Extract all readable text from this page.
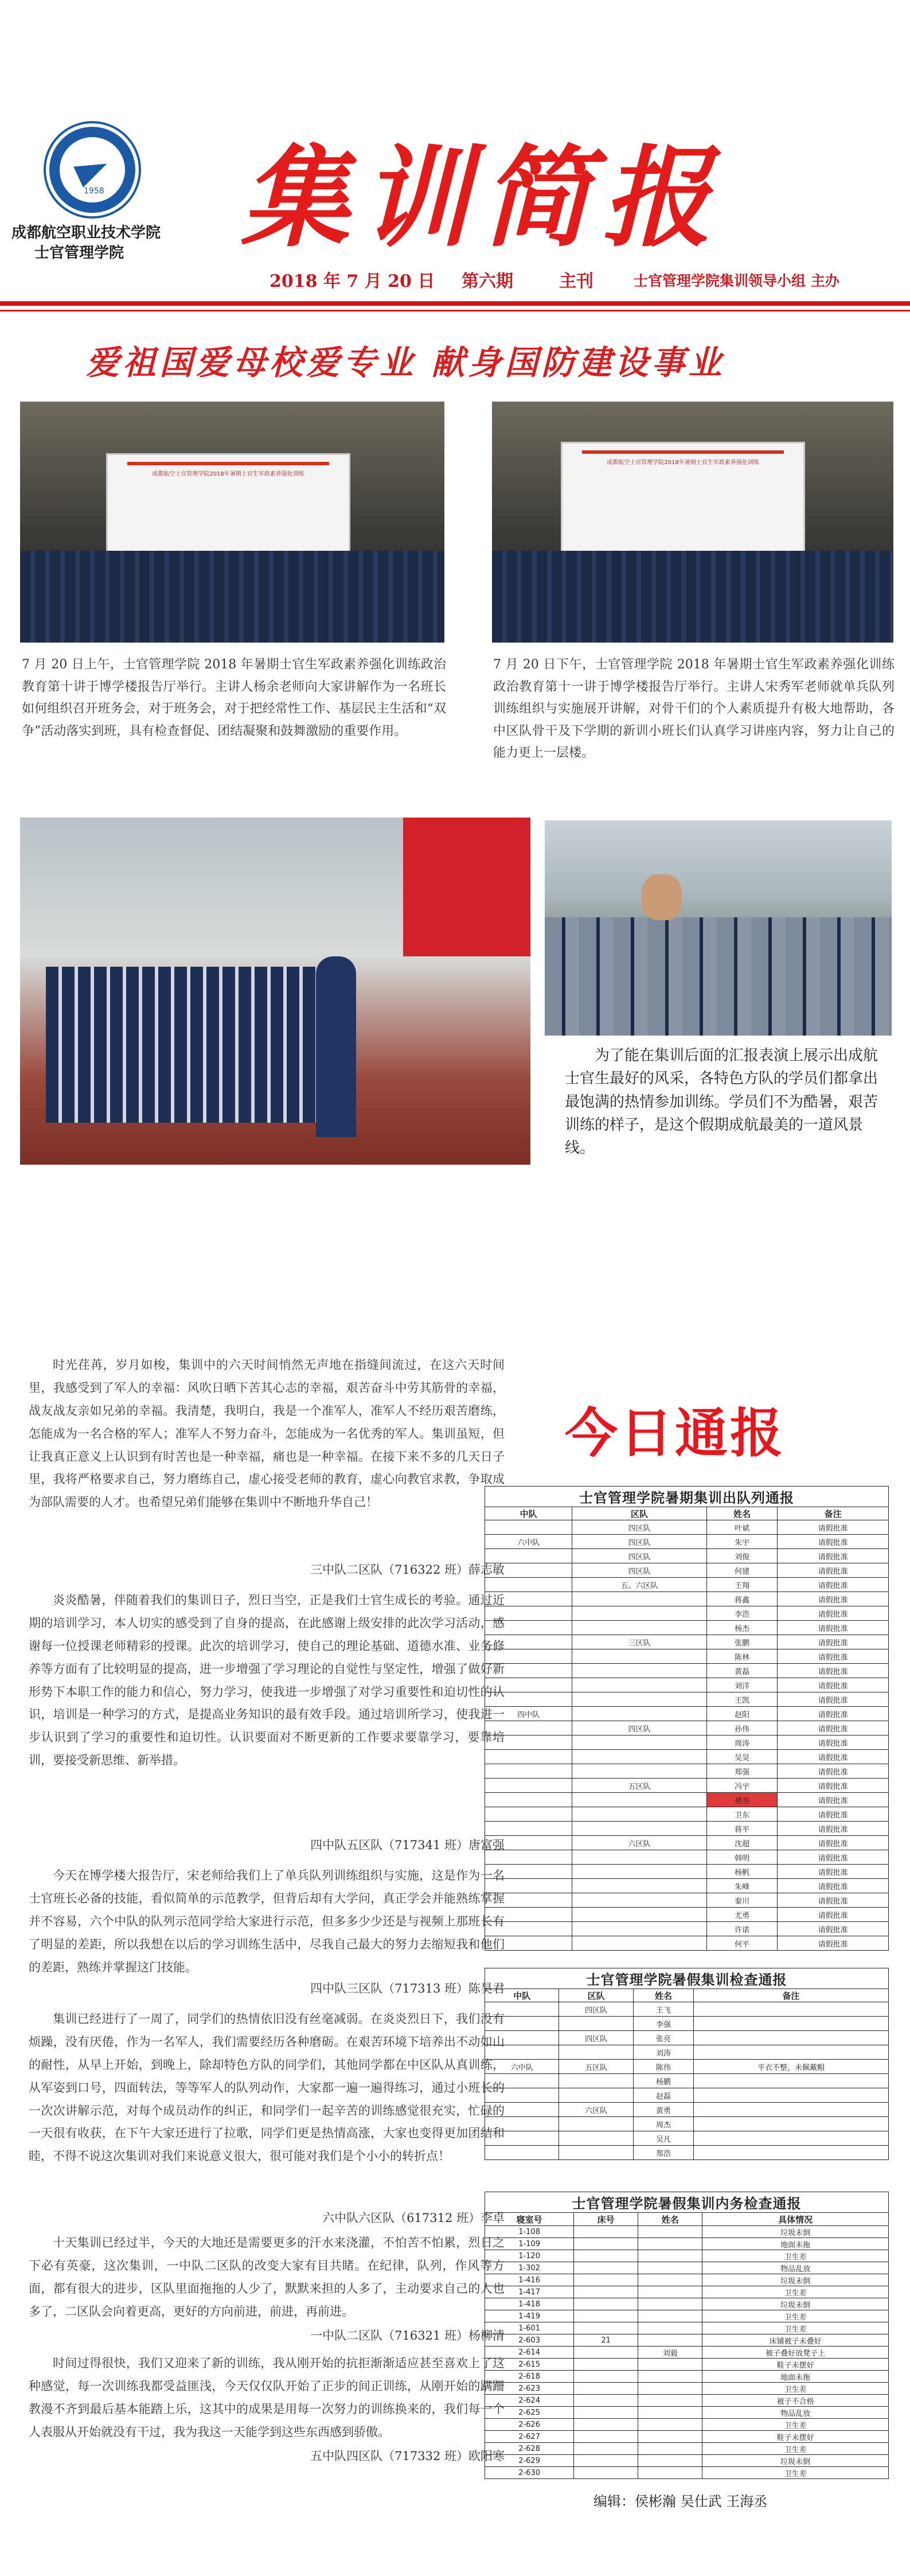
1958
成都航空职业技术学院
士官管理学院 集训简报
2018 年 7 月 20 日 第六期	主刊	士官管理学院集训领导小组 主办
爱祖国爱母校爱专业 献身国防建设事业
成都航空士官管理学院2018年暑期士官生军政素养强化训练
成都航空士官管理学院2018年暑期士官生军政素养强化训练
7 月 20 日上午，士官管理学院 2018 年暑期士官生军政素养强化训练政治教育第十讲于博学楼报告厅举行。主讲人杨余老师向大家讲解作为一名班长如何组织召开班务会，对于班务会，对于把经常性工作、基层民主生活和“双争”活动落实到班，具有检查督促、团结凝聚和鼓舞激励的重要作用。
7 月 20 日下午，士官管理学院 2018 年暑期士官生军政素养强化训练政治教育第十一讲于博学楼报告厅举行。主讲人宋秀军老师就单兵队列训练组织与实施展开讲解，对骨干们的个人素质提升有极大地帮助，各中区队骨干及下学期的新训小班长们认真学习讲座内容，努力让自己的能力更上一层楼。
为了能在集训后面的汇报表演上展示出成航士官生最好的风采，各特色方队的学员们都拿出最饱满的热情参加训练。学员们不为酷暑，艰苦训练的样子，是这个假期成航最美的一道风景线。
时光荏苒，岁月如梭，集训中的六天时间悄然无声地在指缝间流过，在这六天时间里，我感受到了军人的幸福：风吹日晒下苦其心志的幸福，艰苦奋斗中劳其筋骨的幸福，战友战友亲如兄弟的幸福。我清楚，我明白，我是一个准军人，准军人不经历艰苦磨练，怎能成为一名合格的军人；准军人不努力奋斗，怎能成为一名优秀的军人。集训虽短，但让我真正意义上认识到有时苦也是一种幸福，痛也是一种幸福。在接下来不多的几天日子里，我将严格要求自己，努力磨练自己，虚心接受老师的教育，虚心向教官求教，争取成为部队需要的人才。也希望兄弟们能够在集训中不断地升华自己！
三中队二区队（716322 班）薛志敏
炎炎酷暑，伴随着我们的集训日子，烈日当空，正是我们士官生成长的考验。通过近期的培训学习，本人切实的感受到了自身的提高，在此感谢上级安排的此次学习活动，感谢每一位授课老师精彩的授课。此次的培训学习，使自己的理论基础、道德水准、业务修养等方面有了比较明显的提高，进一步增强了学习理论的自觉性与坚定性，增强了做好新形势下本职工作的能力和信心，努力学习，使我进一步增强了对学习重要性和迫切性的认识，培训是一种学习的方式，是提高业务知识的最有效手段。通过培训所学习，使我进一步认识到了学习的重要性和迫切性。认识要面对不断更新的工作要求要靠学习，要靠培训，要接受新思维、新举措。
四中队五区队（717341 班）唐富强
今天在博学楼大报告厅，宋老师给我们上了单兵队列训练组织与实施，这是作为一名士官班长必备的技能，看似简单的示范教学，但背后却有大学问，真正学会并能熟练掌握并不容易，六个中队的队列示范同学给大家进行示范，但多多少少还是与视频上那班长有了明显的差距，所以我想在以后的学习训练生活中，尽我自己最大的努力去缩短我和他们的差距，熟练并掌握这门技能。
四中队三区队（717313 班）陈昊君
集训已经进行了一周了，同学们的热情依旧没有丝毫减弱。在炎炎烈日下，我们没有烦躁，没有厌倦，作为一名军人，我们需要经历各种磨砺。在艰苦环境下培养出不动如山的耐性，从早上开始，到晚上，除却特色方队的同学们，其他同学都在中区队从真训练，从军姿到口号，四面转法，等等军人的队列动作，大家都一遍一遍得练习，通过小班长的一次次讲解示范，对每个成员动作的纠正，和同学们一起辛苦的训练感觉很充实，忙碌的一天很有收获，在下午大家还进行了拉歌，同学们更是热情高涨，大家也变得更加团结和睦，不得不说这次集训对我们来说意义很大，很可能对我们是个小小的转折点！
六中队六区队（617312 班）李卓
十天集训已经过半，今天的大地还是需要更多的汗水来浇灌，不怕苦不怕累，烈日之下必有英豪，这次集训，一中队二区队的改变大家有目共睹。在纪律，队列，作风等方面，都有很大的进步，区队里面拖拖的人少了，默默来担的人多了，主动要求自己的人也多了，二区队会向着更高，更好的方向前进，前进，再前进。
一中队二区队（716321 班）杨柳清
时间过得很快，我们又迎来了新的训练，我从刚开始的抗拒渐渐适应甚至喜欢上了这种感觉，每一次训练我都受益匪浅，今天仅仅队开始了正步的间正训练，从刚开始的蹒跚教漫不齐到最后基本能踏上乐，这其中的成果是用每一次努力的训练换来的，我们每一个人表服从开始就没有干过，我为我这一天能学到这些东西感到骄傲。
五中队四区队（717332 班）欧阳寒
今日通报
士官管理学院暑期集训出队列通报			
中队	区队	姓名	备注
	四区队	叶斌	请假批准
六中队	四区队	朱宇	请假批准
	四区队	刘俊	请假批准
	四区队	何建	请假批准
	五、六区队	王翔	请假批准
		蒋鑫	请假批准
		李浩	请假批准
		杨杰	请假批准
	三区队	张鹏	请假批准
		陈林	请假批准
		黄磊	请假批准
		刘洋	请假批准
		王凯	请假批准
四中队		赵阳	请假批准
	四区队	孙伟	请假批准
		周涛	请假批准
		吴昊	请假批准
		郑强	请假批准
	五区队	冯宇	请假批准
		褚亮	请假批准
		卫东	请假批准
		蒋平	请假批准
	六区队	沈超	请假批准
		韩明	请假批准
		杨帆	请假批准
		朱峰	请假批准
		秦川	请假批准
		尤勇	请假批准
		许诺	请假批准
		何平	请假批准
士官管理学院暑假集训检查通报			
中队	区队	姓名	备注
	四区队	王飞	
		李强	
	四区队	张亮	
		刘涛	
六中队	五区队	陈伟	平衣不整，未佩戴帽
		杨鹏	
		赵磊	
	六区队	黄勇	
		周杰	
		吴凡	
		郑浩	
士官管理学院暑假集训内务检查通报			
寝室号	床号	姓名	具体情况
1-108			垃圾未倒
1-109			地面未拖
1-120			卫生差
1-302			物品乱放
1-416			垃圾未倒
1-417			卫生差
1-418			垃圾未倒
1-419			卫生差
1-601			卫生差
2-603	21		床铺被子未叠好
2-614		刘毅	被子叠好放凳子上
2-615			鞋子未摆好
2-618			地面未拖
2-623			卫生差
2-624			被子不合格
2-625			物品乱放
2-626			卫生差
2-627			鞋子未摆好
2-628			卫生差
2-629			垃圾未倒
2-630			卫生差
编辑：侯彬瀚 吴仕武 王海丞
